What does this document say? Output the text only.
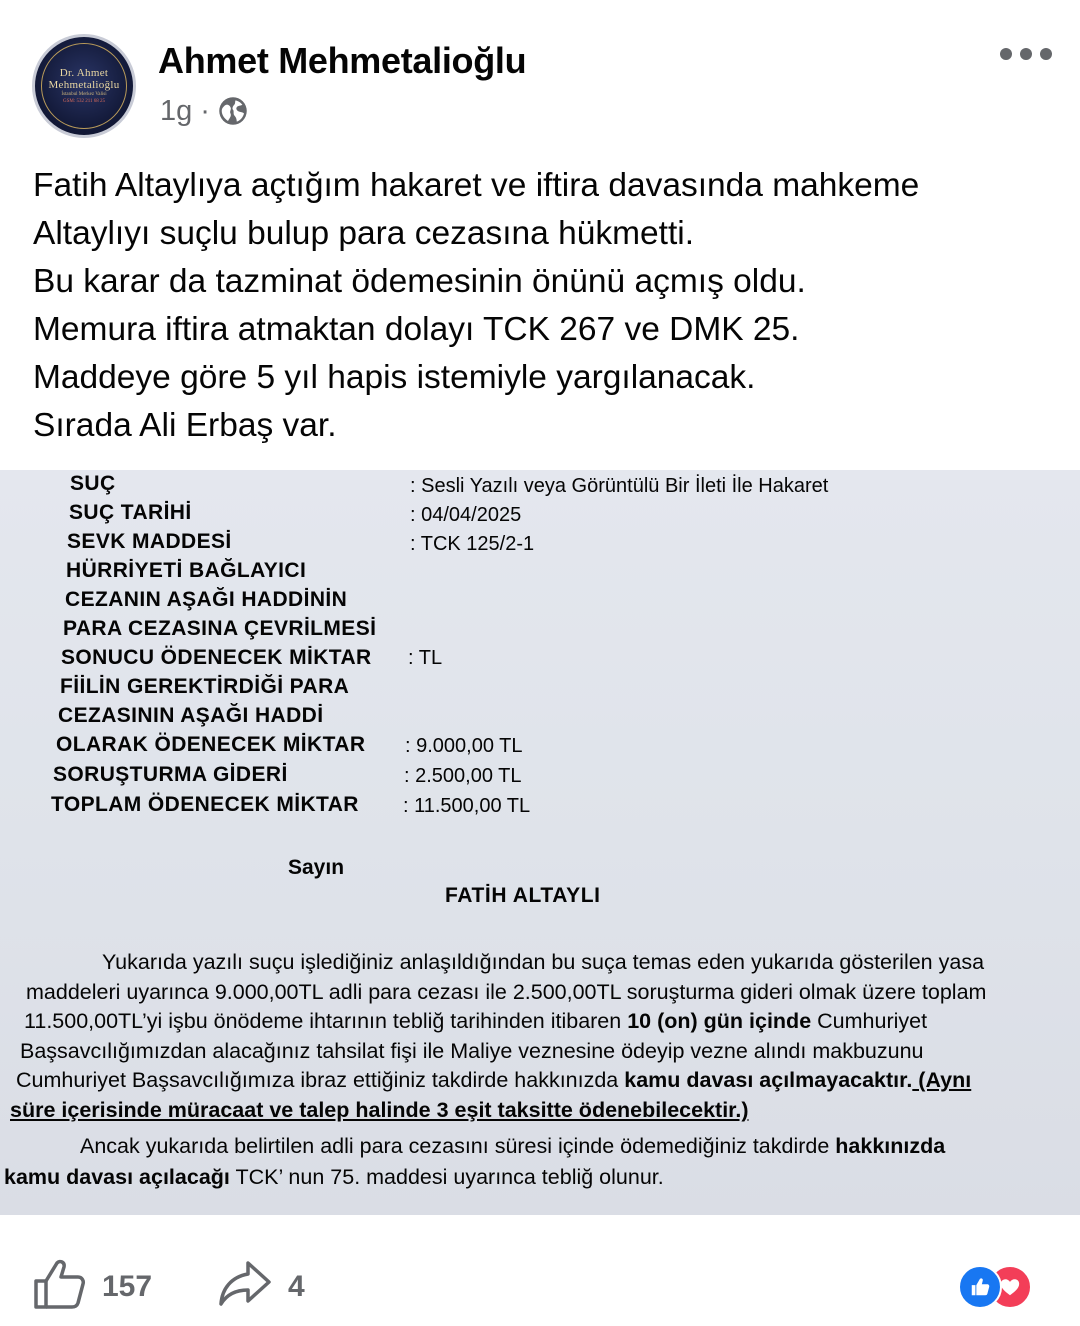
Dr. Ahmet
Mehmetalioğlu
İstanbul Merkez Valisi
GSM: 532 211 68 25
Ahmet Mehmetalioğlu
1g ·
Fatih Altaylıya açtığım hakaret ve iftira davasında mahkeme
Altaylıyı suçlu bulup para cezasına hükmetti.
Bu karar da tazminat ödemesinin önünü açmış oldu.
Memura iftira atmaktan dolayı TCK 267 ve DMK 25.
Maddeye göre 5 yıl hapis istemiyle yargılanacak.
Sırada Ali Erbaş var.
SUÇ
SUÇ TARİHİ
SEVK MADDESİ
HÜRRİYETİ BAĞLAYICI
CEZANIN AŞAĞI HADDİNİN
PARA CEZASINA ÇEVRİLMESİ
SONUCU ÖDENECEK MİKTAR
FİİLİN GEREKTİRDİĞİ PARA
CEZASININ AŞAĞI HADDİ
OLARAK ÖDENECEK MİKTAR
SORUŞTURMA GİDERİ
TOPLAM ÖDENECEK MİKTAR
: Sesli Yazılı veya Görüntülü Bir İleti İle Hakaret
: 04/04/2025
: TCK 125/2-1
: TL
: 9.000,00 TL
: 2.500,00 TL
: 11.500,00 TL
Sayın
FATİH ALTAYLI
Yukarıda yazılı suçu işlediğiniz anlaşıldığından bu suça temas eden yukarıda gösterilen yasa
maddeleri uyarınca 9.000,00TL adli para cezası ile 2.500,00TL soruşturma gideri olmak üzere toplam
11.500,00TL’yi işbu önödeme ihtarının tebliğ tarihinden itibaren 10 (on) gün içinde Cumhuriyet
Başsavcılığımızdan alacağınız tahsilat fişi ile Maliye veznesine ödeyip vezne alındı makbuzunu
Cumhuriyet Başsavcılığımıza ibraz ettiğiniz takdirde hakkınızda kamu davası açılmayacaktır. (Aynı
süre içerisinde müracaat ve talep halinde 3 eşit taksitte ödenebilecektir.)
Ancak yukarıda belirtilen adli para cezasını süresi içinde ödemediğiniz takdirde hakkınızda
kamu davası açılacağı TCK’ nun 75. maddesi uyarınca tebliğ olunur.
157	4
